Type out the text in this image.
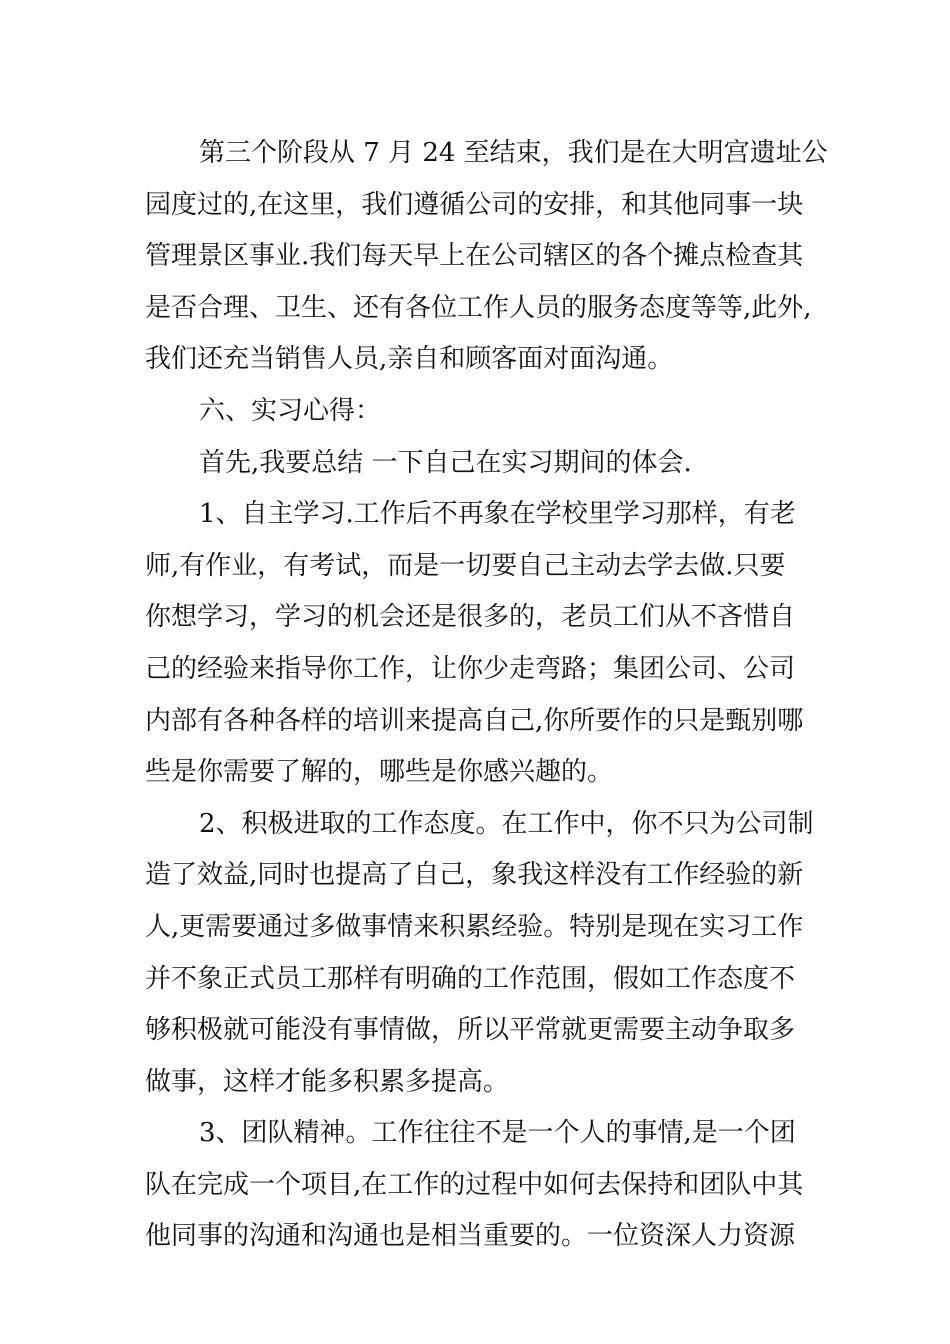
第三个阶段从 7 月 24 至结束，我们是在大明宫遗址公
园度过的,在这里，我们遵循公司的安排，和其他同事一块
管理景区事业.我们每天早上在公司辖区的各个摊点检查其
是否合理、卫生、还有各位工作人员的服务态度等等,此外,
我们还充当销售人员,亲自和顾客面对面沟通。
六、实习心得：
首先,我要总结 一下自己在实习期间的体会.
1、自主学习.工作后不再象在学校里学习那样，有老
师,有作业，有考试，而是一切要自己主动去学去做.只要
你想学习，学习的机会还是很多的，老员工们从不吝惜自
己的经验来指导你工作，让你少走弯路；集团公司、公司
内部有各种各样的培训来提高自己,你所要作的只是甄别哪
些是你需要了解的，哪些是你感兴趣的。
2、积极进取的工作态度。在工作中，你不只为公司制
造了效益,同时也提高了自己，象我这样没有工作经验的新
人,更需要通过多做事情来积累经验。特别是现在实习工作
并不象正式员工那样有明确的工作范围，假如工作态度不
够积极就可能没有事情做，所以平常就更需要主动争取多
做事，这样才能多积累多提高。
3、团队精神。工作往往不是一个人的事情,是一个团
队在完成一个项目,在工作的过程中如何去保持和团队中其
他同事的沟通和沟通也是相当重要的。一位资深人力资源
